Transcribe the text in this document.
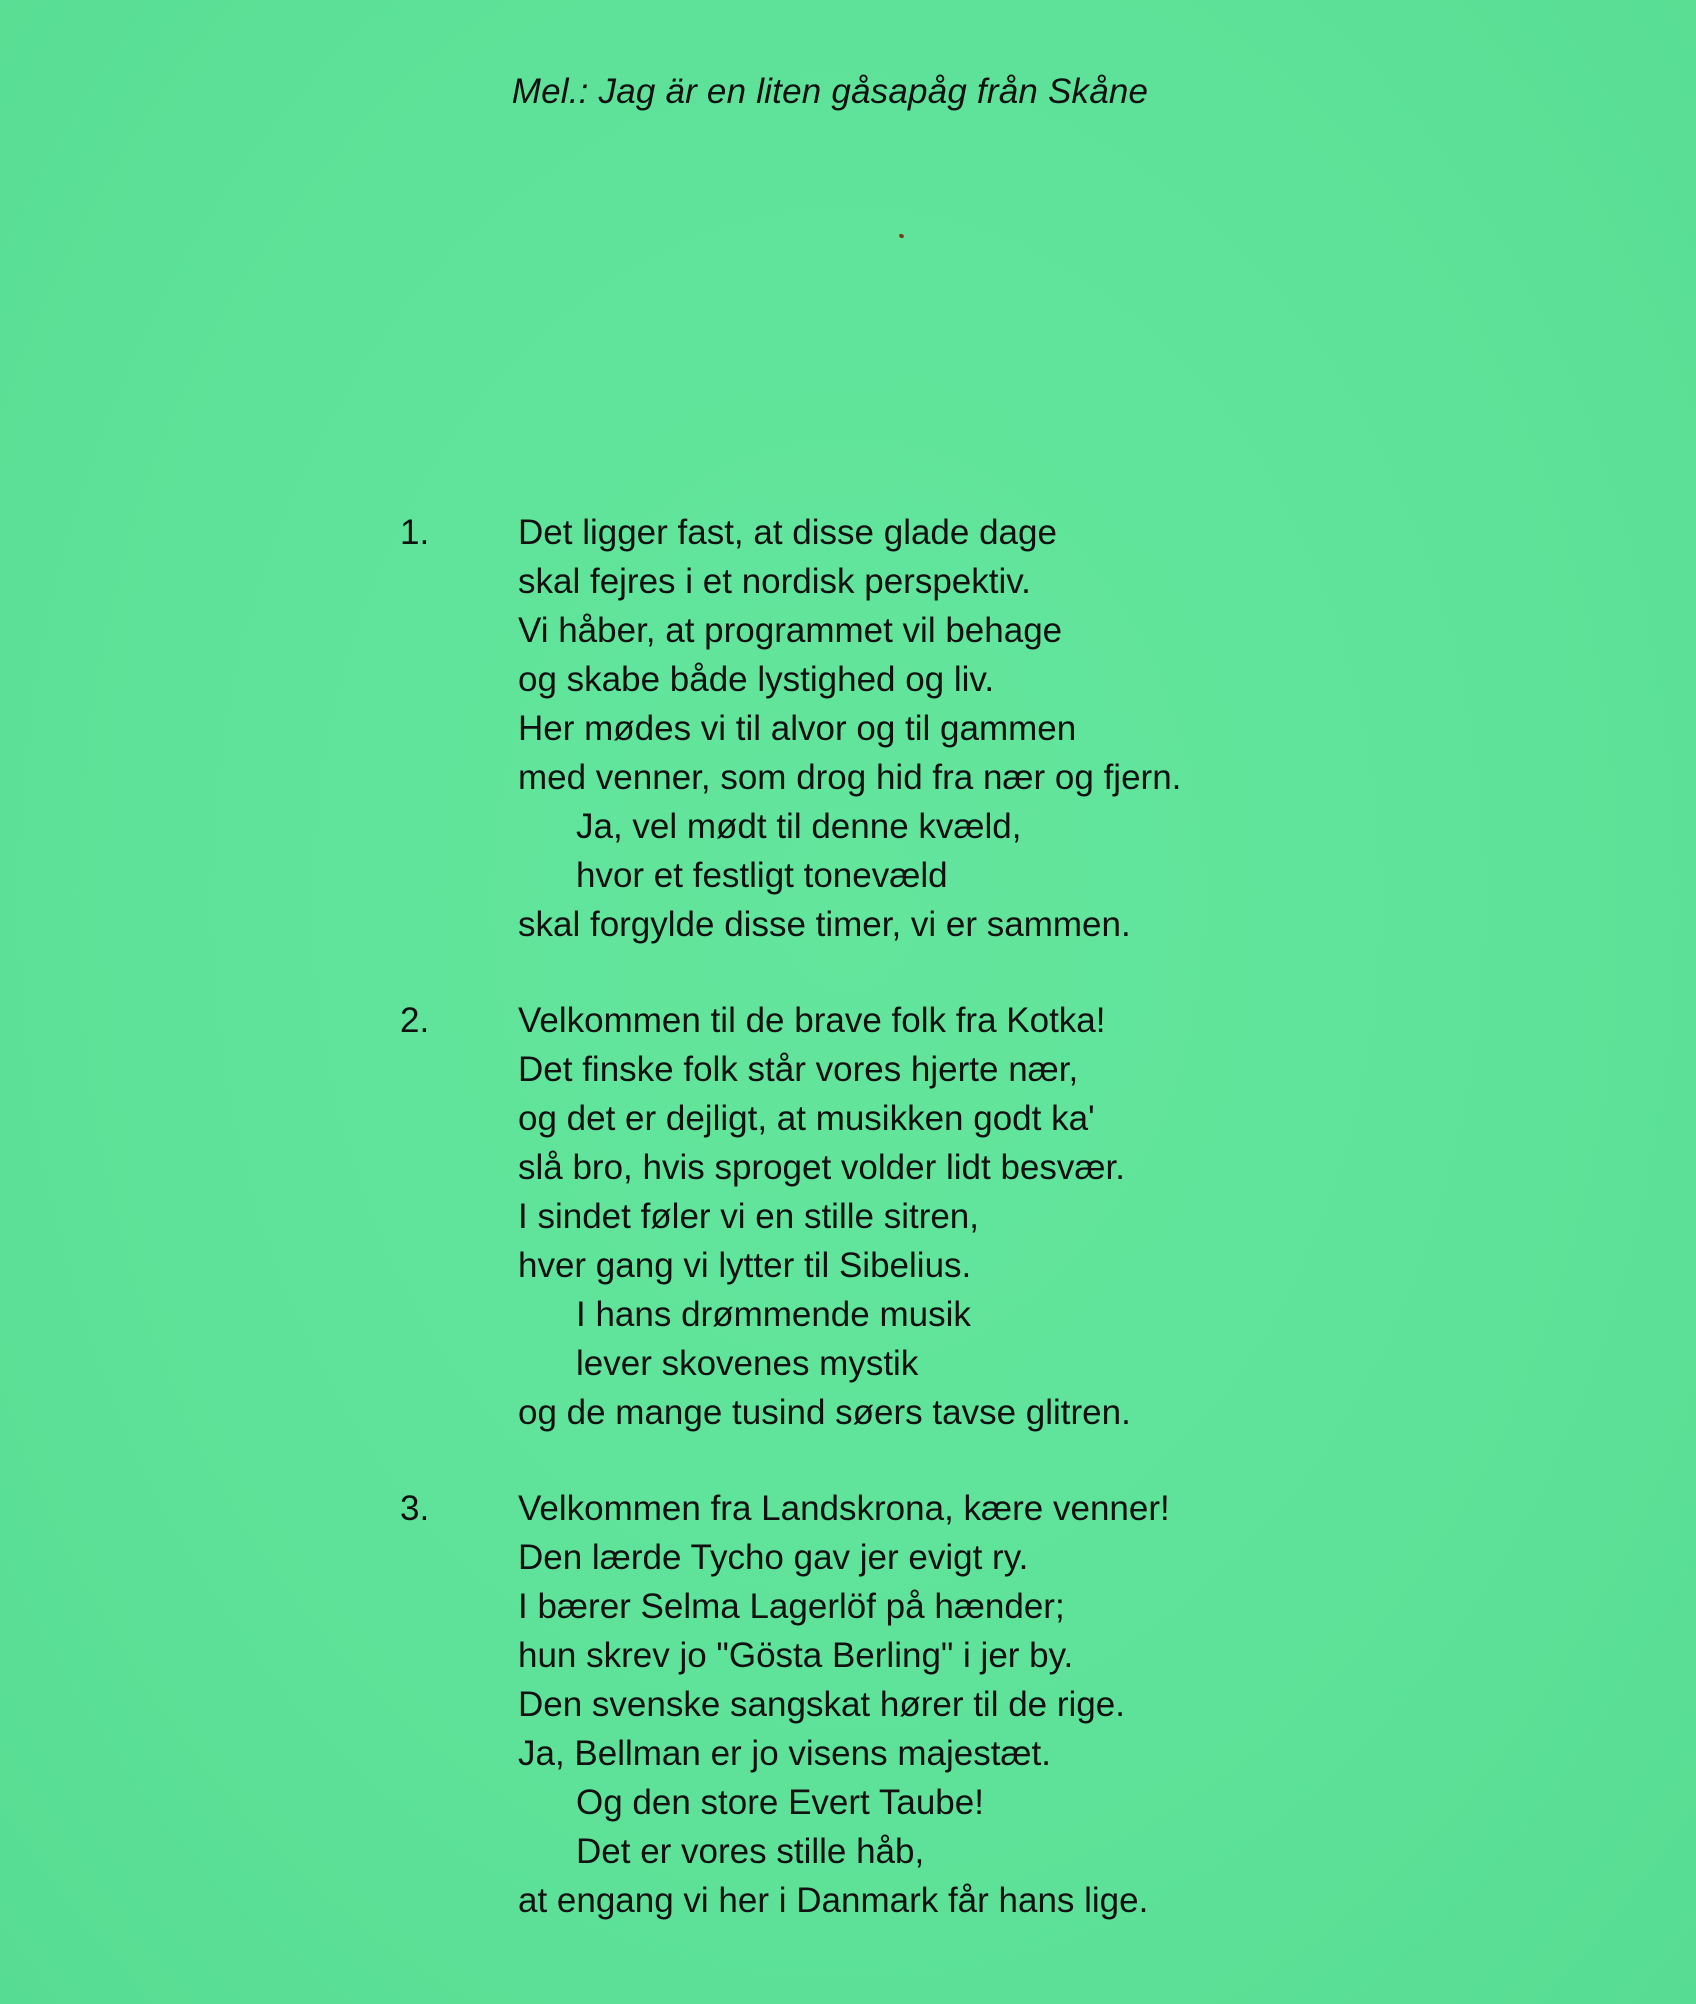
Mel.: Jag är en liten gåsapåg från Skåne
1.	Det ligger fast, at disse glade dage
skal fejres i et nordisk perspektiv.
Vi håber, at programmet vil behage
og skabe både lystighed og liv.
Her mødes vi til alvor og til gammen
med venner, som drog hid fra nær og fjern.
Ja, vel mødt til denne kvæld,
hvor et festligt tonevæld
skal forgylde disse timer, vi er sammen.
2.	Velkommen til de brave folk fra Kotka!
Det finske folk står vores hjerte nær,
og det er dejligt, at musikken godt ka'
slå bro, hvis sproget volder lidt besvær.
I sindet føler vi en stille sitren,
hver gang vi lytter til Sibelius.
I hans drømmende musik
lever skovenes mystik
og de mange tusind søers tavse glitren.
3.	Velkommen fra Landskrona, kære venner!
Den lærde Tycho gav jer evigt ry.
I bærer Selma Lagerlöf på hænder;
hun skrev jo "Gösta Berling" i jer by.
Den svenske sangskat hører til de rige.
Ja, Bellman er jo visens majestæt.
Og den store Evert Taube!
Det er vores stille håb,
at engang vi her i Danmark får hans lige.
